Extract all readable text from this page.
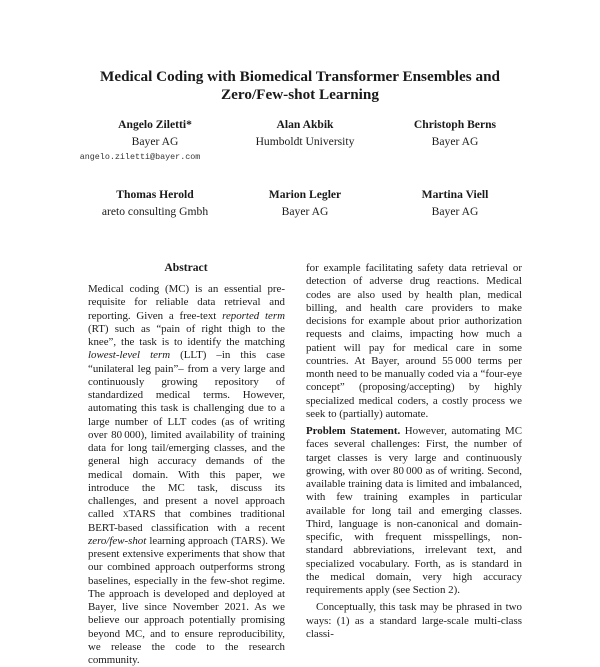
Medical Coding with Biomedical Transformer Ensembles and
Zero/Few-shot Learning
Angelo Ziletti*
Bayer AG
angelo.ziletti@bayer.com
Alan Akbik
Humboldt University
Christoph Berns
Bayer AG
Thomas Herold
areto consulting Gmbh
Marion Legler
Bayer AG
Martina Viell
Bayer AG
Abstract

Medical coding (MC) is an essential pre-requisite for reliable data retrieval and reporting. Given a free-text reported term (RT) such as “pain of right thigh to the knee”, the task is to identify the matching lowest-level term (LLT) –in this case “unilateral leg pain”– from a very large and continuously growing repository of standardized medical terms. However, automating this task is challenging due to a large number of LLT codes (as of writing over 80 000), limited availability of training data for long tail/emerging classes, and the general high accuracy demands of the medical domain. With this paper, we introduce the MC task, discuss its challenges, and present a novel approach called xTARS that combines traditional BERT-based classification with a recent zero/few-shot learning approach (TARS). We present extensive experiments that show that our combined approach outperforms strong baselines, especially in the few-shot regime. The approach is developed and deployed at Bayer, live since November 2021. As we believe our approach potentially promising beyond MC, and to ensure reproducibility, we release the code to the research community.

for example facilitating safety data retrieval or detection of adverse drug reactions. Medical codes are also used by health plan, medical billing, and health care providers to make decisions for example about prior authorization requests and claims, impacting how much a patient will pay for medical care in some countries. At Bayer, around 55 000 terms per month need to be manually coded via a “four-eye concept” (proposing/accepting) by highly specialized medical coders, a costly process we seek to (partially) automate.

Problem Statement. However, automating MC faces several challenges: First, the number of target classes is very large and continuously growing, with over 80 000 as of writing. Second, available training data is limited and imbalanced, with few training examples in particular available for long tail and emerging classes. Third, language is non-canonical and domain-specific, with frequent misspellings, non-standard abbreviations, irrelevant text, and specialized vocabulary. Forth, as is standard in the medical domain, very high accuracy requirements apply (see Section 2).

Conceptually, this task may be phrased in two ways: (1) as a standard large-scale multi-class classi-
